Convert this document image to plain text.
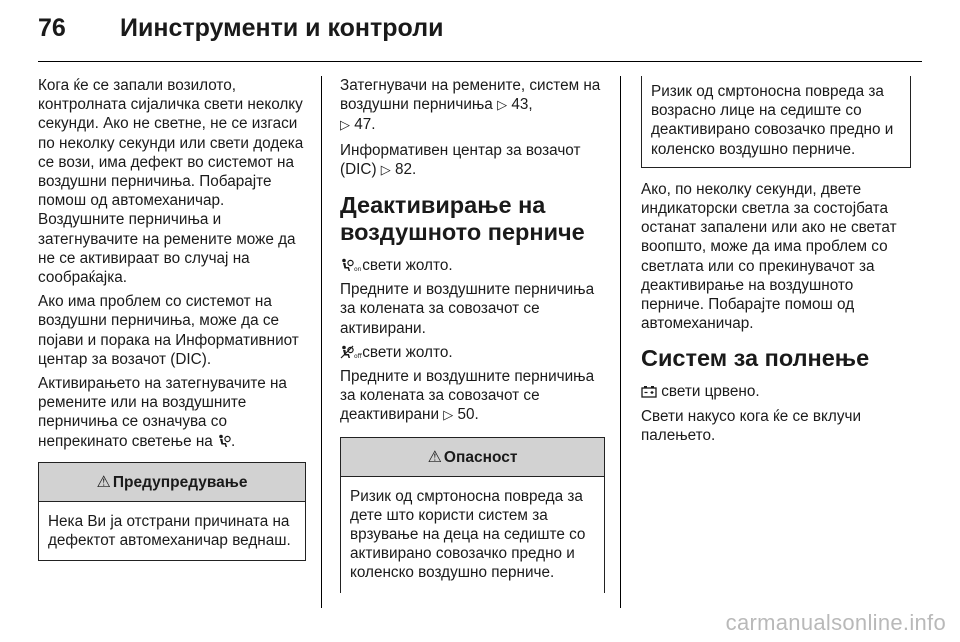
76	Иинструменти и контроли

Кога ќе се запали возилото, контролната сијаличка свети неколку секунди. Ако не светне, не се изгаси по неколку секунди или свети додека се вози, има дефект во системот на воздушни перничиња. Побарајте помош од автомеханичар. Воздушните перничиња и затегнувачите на ремените може да не се активираат во случај на сообраќајка.

Ако има проблем со системот на воздушни перничиња, може да се појави и порака на Информативниот центар за возачот (DIC).

Активирањето на затегнувачите на ремените или на воздушните перничиња се означува со непрекинато светење на .

⚠ Предупредување
Нека Ви ја отстрани причината на дефектот автомеханичар веднаш.

Затегнувачи на ремените, систем на воздушни перничиња ▷ 43,
▷ 47.

Информативен центар за возачот (DIC) ▷ 82.

Деактивирање на воздушното перниче

on свети жолто.

Предните и воздушните перничиња за колената за совозачот се активирани.

off свети жолто.

Предните и воздушните перничиња за колената за совозачот се деактивирани ▷ 50.

⚠ Опасност
Ризик од смртоносна повреда за дете што користи систем за врзување на деца на седиште со активирано совозачко предно и коленско воздушно перниче.
Ризик од смртоносна повреда за возрасно лице на седиште со деактивирано совозачко предно и коленско воздушно перниче.

Ако, по неколку секунди, двете индикаторски светла за состојбата останат запалени или ако не светат воопшто, може да има проблем со светлата или со прекинувачот за деактивирање на воздушното перниче. Побарајте помош од автомеханичар.

Систем за полнење

свети црвено.

Свети накусо кога ќе се вклучи палењето.

carmanualsonline.info
